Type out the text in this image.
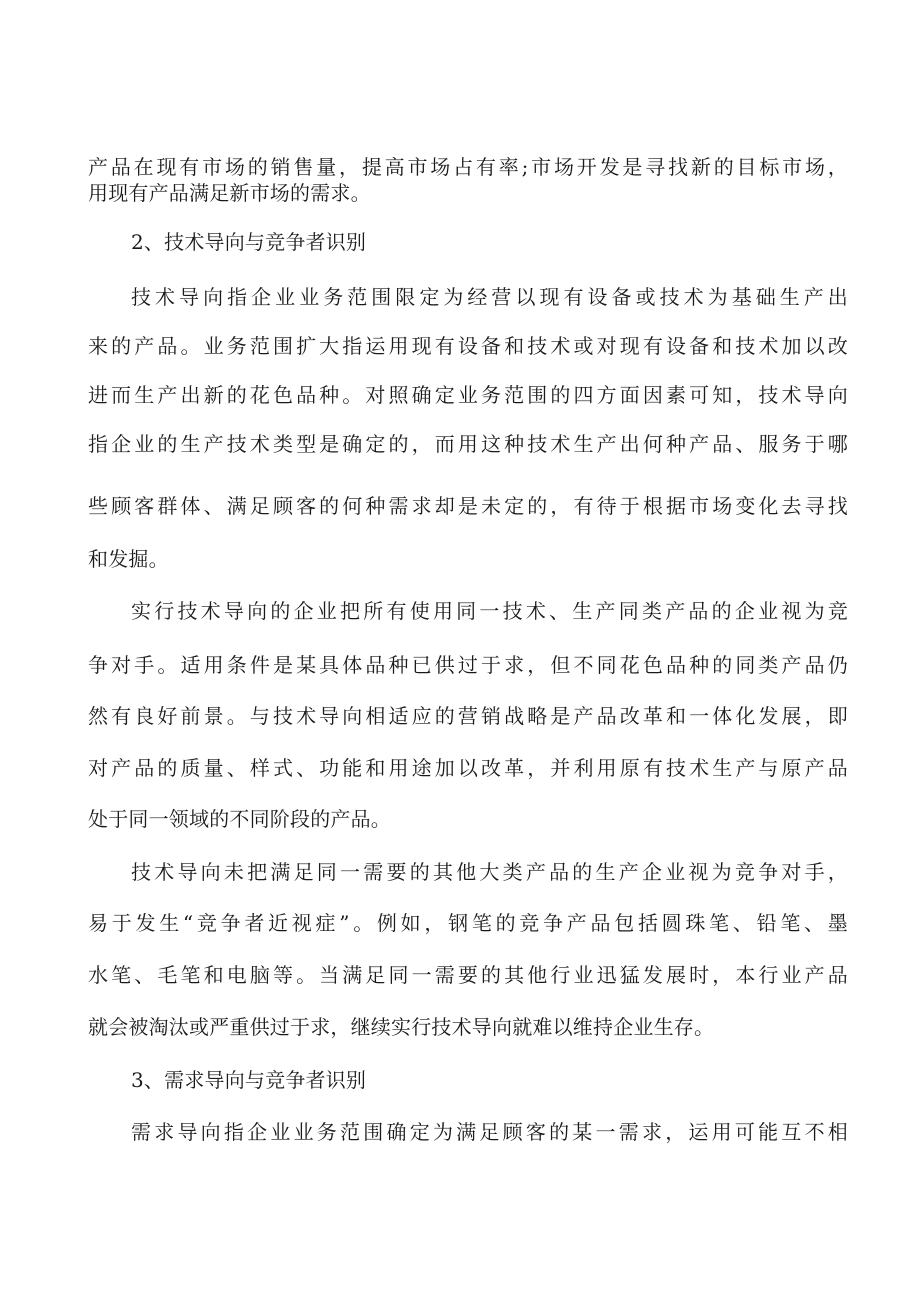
产品在现有市场的销售量，提高市场占有率;市场开发是寻找新的目标市场，
用现有产品满足新市场的需求。
2、技术导向与竞争者识别
技术导向指企业业务范围限定为经营以现有设备或技术为基础生产出
来的产品。业务范围扩大指运用现有设备和技术或对现有设备和技术加以改
进而生产出新的花色品种。对照确定业务范围的四方面因素可知，技术导向
指企业的生产技术类型是确定的，而用这种技术生产出何种产品、服务于哪
些顾客群体、满足顾客的何种需求却是未定的，有待于根据市场变化去寻找
和发掘。
实行技术导向的企业把所有使用同一技术、生产同类产品的企业视为竞
争对手。适用条件是某具体品种已供过于求，但不同花色品种的同类产品仍
然有良好前景。与技术导向相适应的营销战略是产品改革和一体化发展，即
对产品的质量、样式、功能和用途加以改革，并利用原有技术生产与原产品
处于同一领域的不同阶段的产品。
技术导向未把满足同一需要的其他大类产品的生产企业视为竞争对手，
易于发生“竞争者近视症”。例如，钢笔的竞争产品包括圆珠笔、铅笔、墨
水笔、毛笔和电脑等。当满足同一需要的其他行业迅猛发展时，本行业产品
就会被淘汰或严重供过于求，继续实行技术导向就难以维持企业生存。
3、需求导向与竞争者识别
需求导向指企业业务范围确定为满足顾客的某一需求，运用可能互不相
